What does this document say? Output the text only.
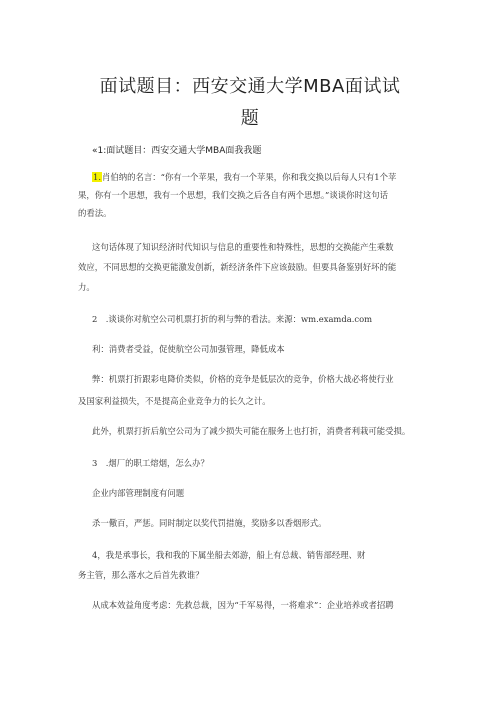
面试题目：西安交通大学MBA面试试
题
«1:面试题目：西安交通大学MBA面我我题
1.肖伯纳的名言：“你有一个苹果，我有一个苹果，你和我交换以后每人只有1个苹
果，你有一个思想，我有一个思想，我们交换之后各自有两个思想。”谈谈你时这句话
的看法。
这句话体现了知识经济时代知识与信息的重要性和特殊性，思想的交换能产生乘数
效应，不同思想的交换更能激发创新，新经济条件下应该鼓励。但要具备鉴别好坏的能
力。
2　.谈谈你对航空公司机票打折的利与弊的看法。来源：wm.examda.com
利：消费者受益，促使航空公司加强管理，降低成本
弊：机票打折跟彩电降价类似，价格的竞争是低层次的竞争，价格大战必将使行业
及国家利益损失，不是提高企业竞争力的长久之计。
此外，机票打折后航空公司为了减少损失可能在服务上也打折，消费者利栽可能受损。
3　.烟厂的职工熔烟，怎么办？
企业内部管理制度有问题
杀一儆百，严惩。同时制定以奖代罚措施，奖励多以香烟形式。
4，我是承事长，我和我的下属坐船去郊游，船上有总裁、销售部经理、财
务主管，那么落水之后首先救谁？
从成本效益角度考虑：先救总裁，因为“千军易得，一将难求”：企业培养或者招聘
